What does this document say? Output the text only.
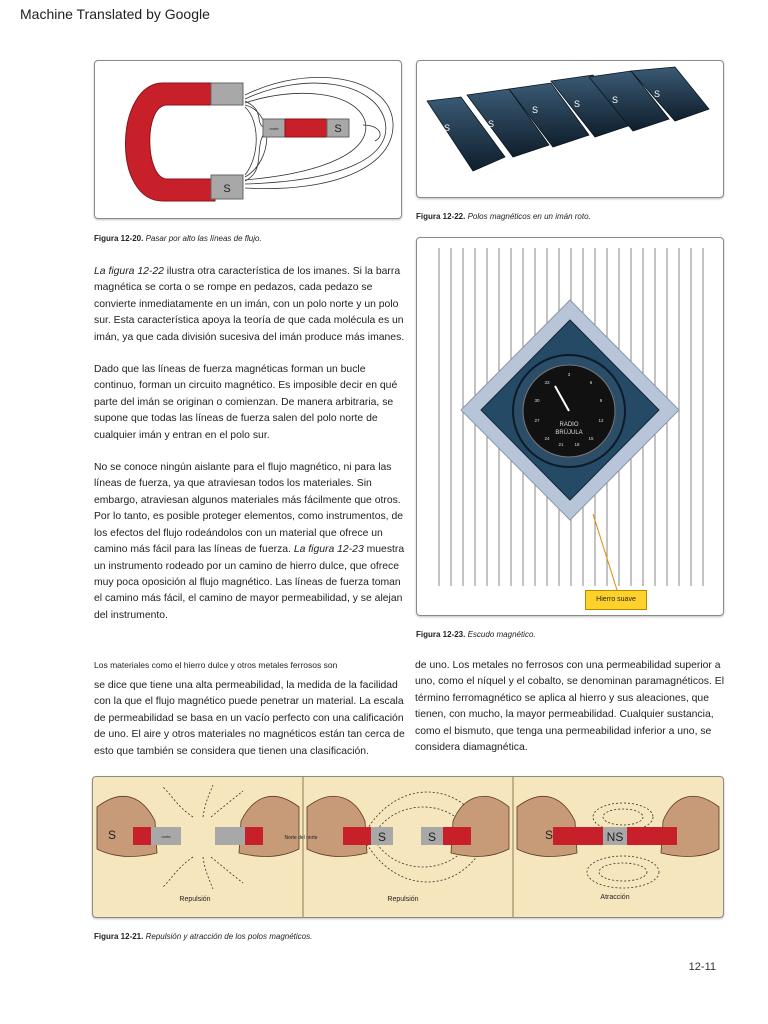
Machine Translated by Google
S
norte	S
Figura 12-20. Pasar por alto las líneas de flujo.
S	S
S
S	S
S
Figura 12-22. Polos magnéticos en un imán roto.
3
6
9
12
15
18
21
24
27
30
33
RADIO
BRÚJULA
Hierro suave
Figura 12-23. Escudo magnético.

La figura 12-22 ilustra otra característica de los imanes. Si la barra magnética se corta o se rompe en pedazos, cada pedazo se convierte inmediatamente en un imán, con un polo norte y un polo sur. Esta característica apoya la teoría de que cada molécula es un imán, ya que cada división sucesiva del imán produce más imanes.

Dado que las líneas de fuerza magnéticas forman un bucle continuo, forman un circuito magnético. Es imposible decir en qué parte del imán se originan o comienzan. De manera arbitraria, se supone que todas las líneas de fuerza salen del polo norte de cualquier imán y entran en el polo sur.

No se conoce ningún aislante para el flujo magnético, ni para las líneas de fuerza, ya que atraviesan todos los materiales. Sin embargo, atraviesan algunos materiales más fácilmente que otros. Por lo tanto, es posible proteger elementos, como instrumentos, de los efectos del flujo rodeándolos con un material que ofrece un camino más fácil para las líneas de fuerza. La figura 12-23 muestra un instrumento rodeado por un camino de hierro dulce, que ofrece muy poca oposición al flujo magnético. Las líneas de fuerza toman el camino más fácil, el camino de mayor permeabilidad, y se alejan del instrumento.

Los materiales como el hierro dulce y otros metales ferrosos son
se dice que tiene una alta permeabilidad, la medida de la facilidad con la que el flujo magnético puede penetrar un material. La escala de permeabilidad se basa en un vacío perfecto con una calificación de uno. El aire y otros materiales no magnéticos están tan cerca de esto que también se considera que tienen una clasificación.
de uno. Los metales no ferrosos con una permeabilidad superior a uno, como el níquel y el cobalto, se denominan paramagnéticos. El término ferromagnético se aplica al hierro y sus aleaciones, que tienen, con mucho, la mayor permeabilidad. Cualquier sustancia, como el bismuto, que tenga una permeabilidad inferior a uno, se considera diamagnética.
S	norte	S	S
Norte del norte	S	NS
Repulsión	Repulsión	Atracción
Figura 12-21. Repulsión y atracción de los polos magnéticos.
12-11
